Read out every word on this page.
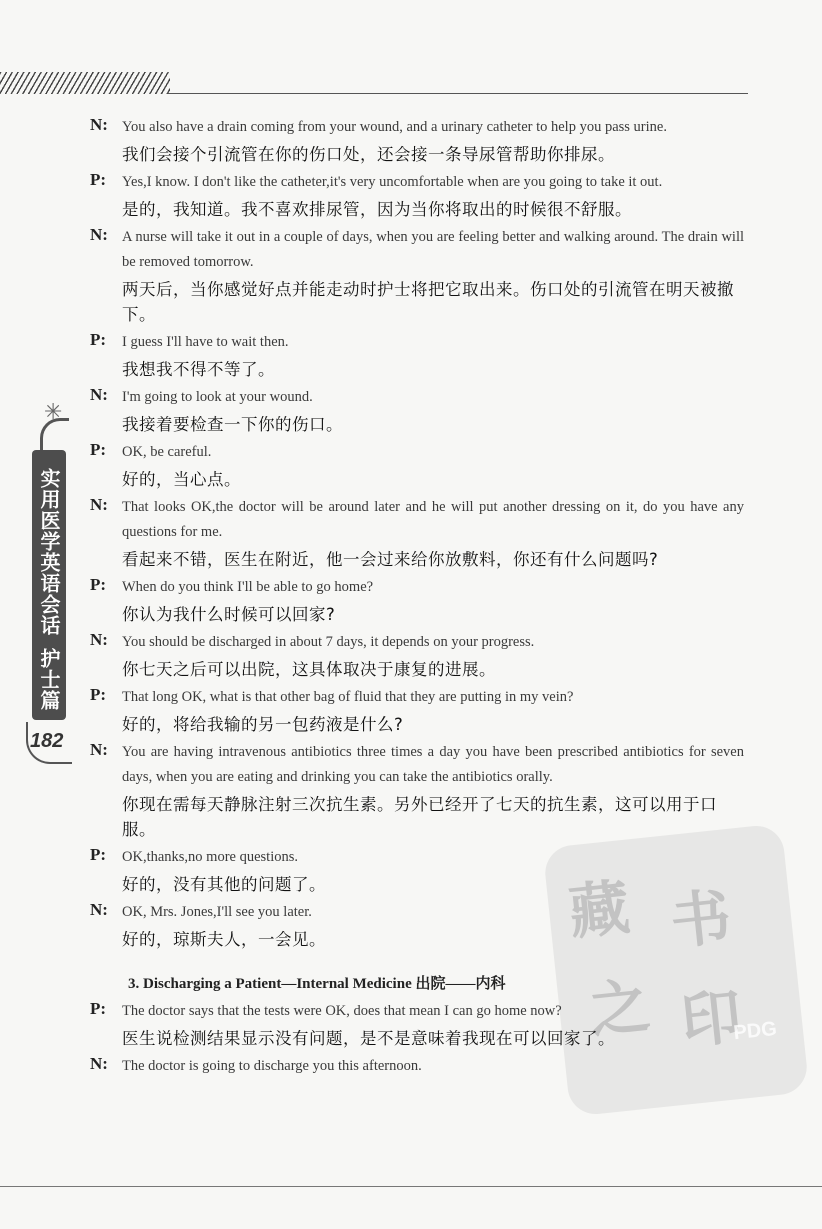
✳
实用医学英语会话
护士篇
182
藏 书
之 印
PDG
N: You also have a drain coming from your wound, and a urinary catheter to help you pass urine.
我们会接个引流管在你的伤口处，还会接一条导尿管帮助你排尿。
P: Yes,I know. I don't like the catheter,it's very uncomfortable when are you going to take it out.
是的，我知道。我不喜欢排尿管，因为当你将取出的时候很不舒服。
N: A nurse will take it out in a couple of days, when you are feeling better and walking around. The drain will be removed tomorrow.
两天后，当你感觉好点并能走动时护士将把它取出来。伤口处的引流管在明天被撤下。
P: I guess I'll have to wait then.
我想我不得不等了。
N: I'm going to look at your wound.
我接着要检查一下你的伤口。
P: OK, be careful.
好的，当心点。
N: That looks OK,the doctor will be around later and he will put another dressing on it, do you have any questions for me.
看起来不错，医生在附近，他一会过来给你放敷料，你还有什么问题吗?
P: When do you think I'll be able to go home?
你认为我什么时候可以回家?
N: You should be discharged in about 7 days, it depends on your progress.
你七天之后可以出院，这具体取决于康复的进展。
P: That long OK, what is that other bag of fluid that they are putting in my vein?
好的，将给我输的另一包药液是什么?
N: You are having intravenous antibiotics three times a day you have been prescribed antibiotics for seven days, when you are eating and drinking you can take the antibiotics orally.
你现在需每天静脉注射三次抗生素。另外已经开了七天的抗生素，这可以用于口服。
P: OK,thanks,no more questions.
好的，没有其他的问题了。
N: OK, Mrs. Jones,I'll see you later.
好的，琼斯夫人，一会见。
3. Discharging a Patient—Internal Medicine 出院——内科
P: The doctor says that the tests were OK, does that mean I can go home now?
医生说检测结果显示没有问题，是不是意味着我现在可以回家了。
N: The doctor is going to discharge you this afternoon.
